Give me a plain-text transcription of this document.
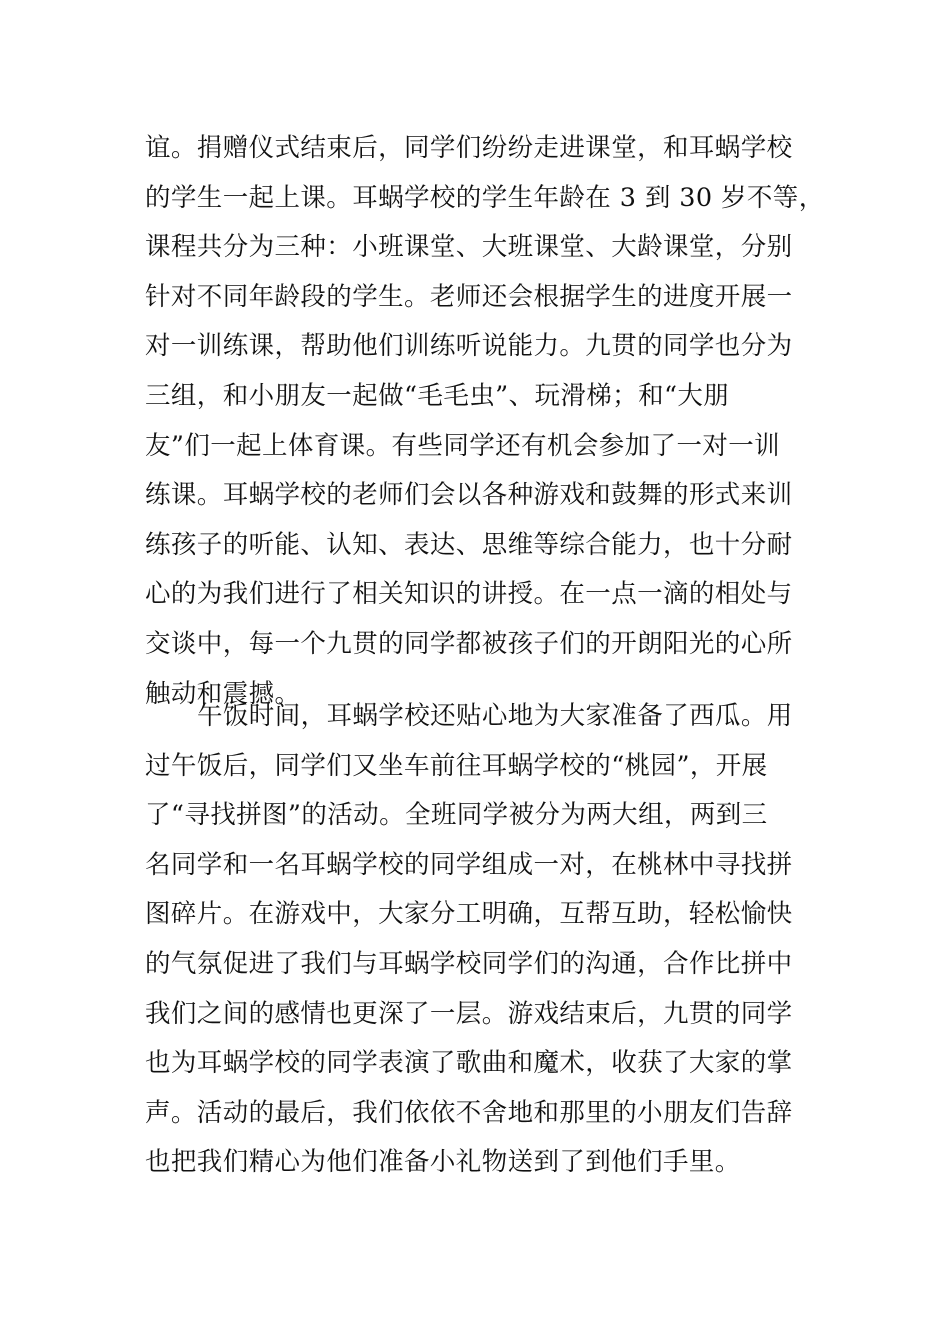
谊。捐赠仪式结束后，同学们纷纷走进课堂，和耳蜗学校
的学生一起上课。耳蜗学校的学生年龄在 3 到 30 岁不等，
课程共分为三种：小班课堂、大班课堂、大龄课堂，分别
针对不同年龄段的学生。老师还会根据学生的进度开展一
对一训练课，帮助他们训练听说能力。九贯的同学也分为
三组，和小朋友一起做“毛毛虫”、玩滑梯；和“大朋
友”们一起上体育课。有些同学还有机会参加了一对一训
练课。耳蜗学校的老师们会以各种游戏和鼓舞的形式来训
练孩子的听能、认知、表达、思维等综合能力，也十分耐
心的为我们进行了相关知识的讲授。在一点一滴的相处与
交谈中，每一个九贯的同学都被孩子们的开朗阳光的心所
触动和震撼。
午饭时间，耳蜗学校还贴心地为大家准备了西瓜。用
过午饭后，同学们又坐车前往耳蜗学校的“桃园”，开展
了“寻找拼图”的活动。全班同学被分为两大组，两到三
名同学和一名耳蜗学校的同学组成一对，在桃林中寻找拼
图碎片。在游戏中，大家分工明确，互帮互助，轻松愉快
的气氛促进了我们与耳蜗学校同学们的沟通，合作比拼中
我们之间的感情也更深了一层。游戏结束后，九贯的同学
也为耳蜗学校的同学表演了歌曲和魔术，收获了大家的掌
声。活动的最后，我们依依不舍地和那里的小朋友们告辞
也把我们精心为他们准备小礼物送到了到他们手里。
